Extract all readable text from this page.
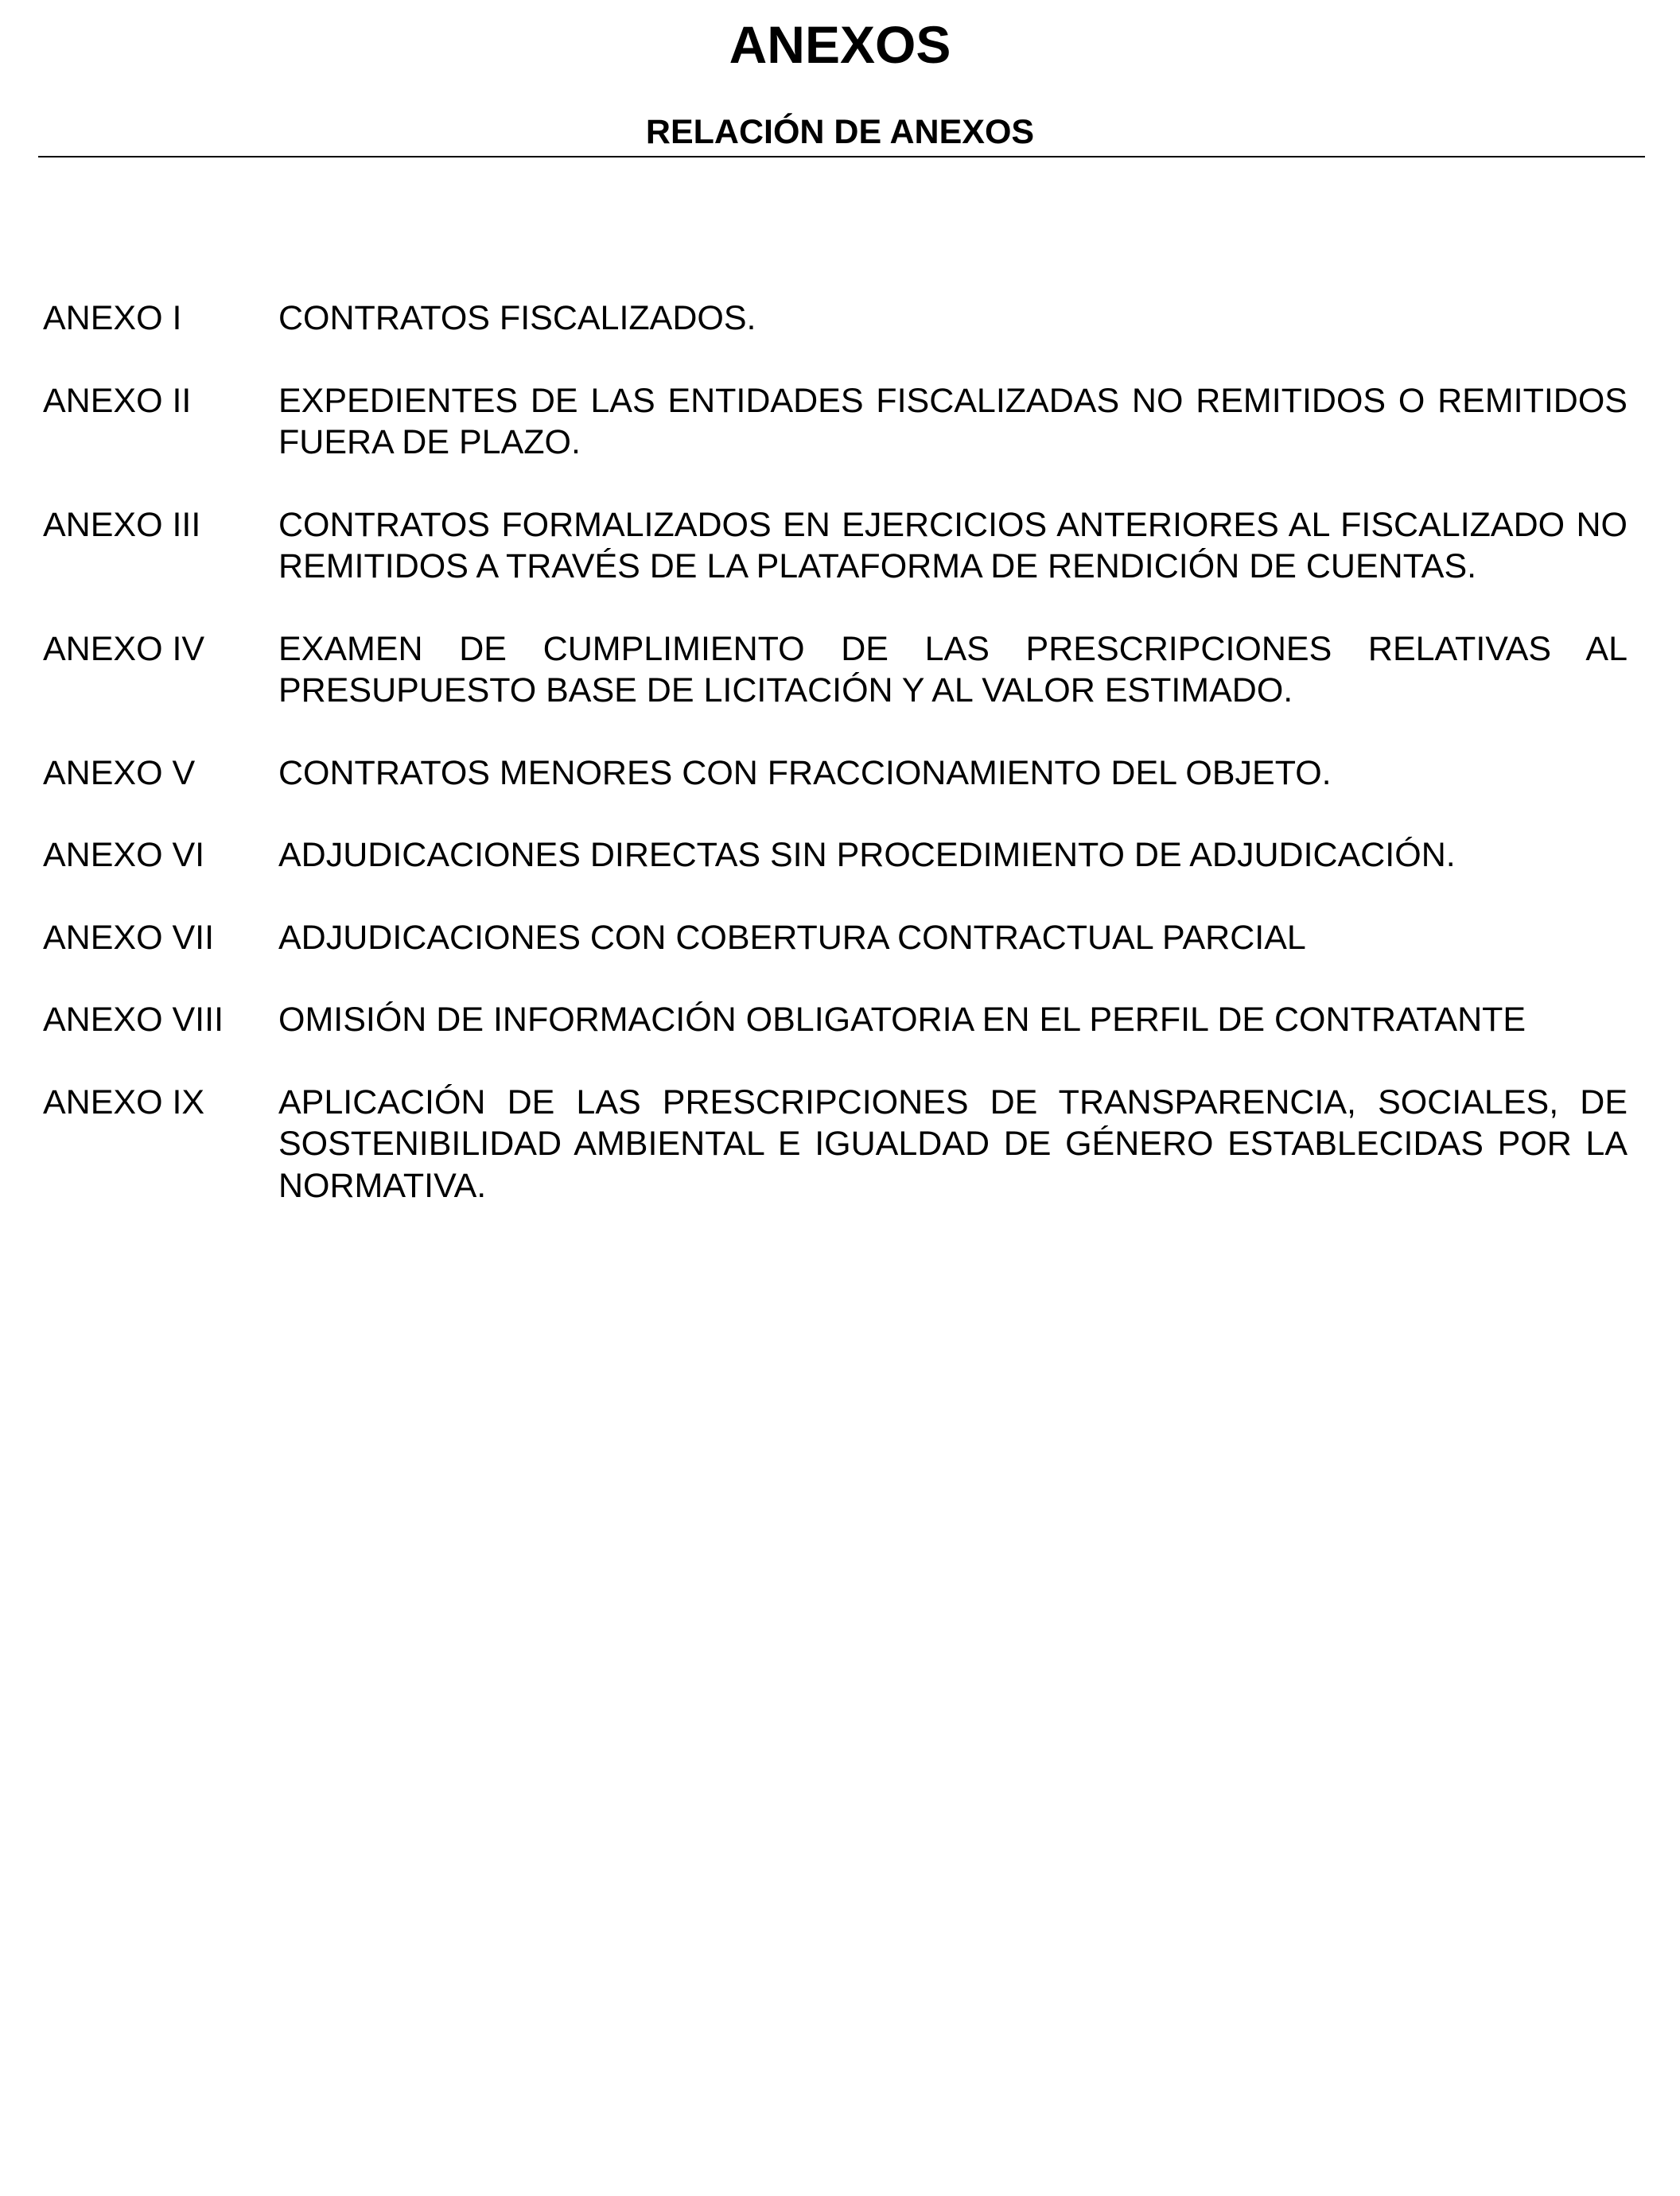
ANEXOS
RELACIÓN DE ANEXOS
ANEXO I	CONTRATOS FISCALIZADOS.

ANEXO II	EXPEDIENTES DE LAS ENTIDADES FISCALIZADAS NO REMITIDOS O REMITIDOS FUERA DE PLAZO.

ANEXO III	CONTRATOS FORMALIZADOS EN EJERCICIOS ANTERIORES AL FISCALIZADO NO REMITIDOS A TRAVÉS DE LA PLATAFORMA DE RENDICIÓN DE CUENTAS.

ANEXO IV	EXAMEN DE CUMPLIMIENTO DE LAS PRESCRIPCIONES RELATIVAS AL PRESUPUESTO BASE DE LICITACIÓN Y AL VALOR ESTIMADO.

ANEXO V	CONTRATOS MENORES CON FRACCIONAMIENTO DEL OBJETO.

ANEXO VI	ADJUDICACIONES DIRECTAS SIN PROCEDIMIENTO DE ADJUDICACIÓN.

ANEXO VII	ADJUDICACIONES CON COBERTURA CONTRACTUAL PARCIAL

ANEXO VIII	OMISIÓN DE INFORMACIÓN OBLIGATORIA EN EL PERFIL DE CONTRATANTE

ANEXO IX	APLICACIÓN DE LAS PRESCRIPCIONES DE TRANSPARENCIA, SOCIALES, DE SOSTENIBILIDAD AMBIENTAL E IGUALDAD DE GÉNERO ESTABLECIDAS POR LA NORMATIVA.
